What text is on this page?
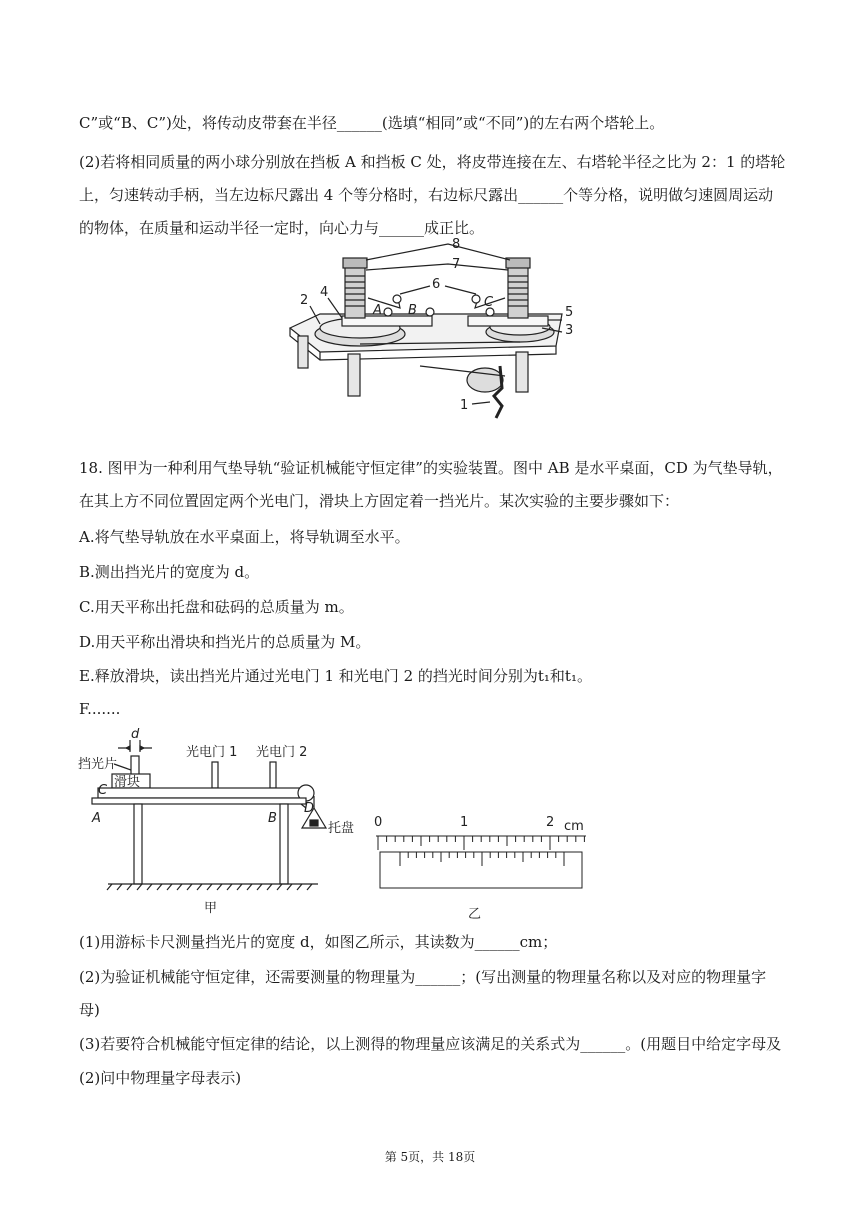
C”或“B、C”)处，将传动皮带套在半径______(选填“相同”或“不同”)的左右两个塔轮上。
(2)若将相同质量的两小球分别放在挡板 A 和挡板 C 处，将皮带连接在左、右塔轮半径之比为 2：1 的塔轮
上，匀速转动手柄，当左边标尺露出 4 个等分格时，右边标尺露出______个等分格，说明做匀速圆周运动
的物体，在质量和运动半径一定时，向心力与______成正比。
8
7
6
5
4
3
2
1
A B
C
18. 图甲为一种利用气垫导轨“验证机械能守恒定律”的实验装置。图中 AB 是水平桌面，CD 为气垫导轨，
在其上方不同位置固定两个光电门，滑块上方固定着一挡光片。某次实验的主要步骤如下：
A.将气垫导轨放在水平桌面上，将导轨调至水平。
B.测出挡光片的宽度为 d。
C.用天平称出托盘和砝码的总质量为 m。
D.用天平称出滑块和挡光片的总质量为 M。
E.释放滑块，读出挡光片通过光电门 1 和光电门 2 的挡光时间分别为t₁和t₁。
F.......
d
挡光片
滑块
光电门 1 光电门 2
托盘
C
D
A	B
甲
0	1	2 cm
乙
(1)用游标卡尺测量挡光片的宽度 d，如图乙所示，其读数为______cm；
(2)为验证机械能守恒定律，还需要测量的物理量为______；(写出测量的物理量名称以及对应的物理量字
母)
(3)若要符合机械能守恒定律的结论，以上测得的物理量应该满足的关系式为______。(用题目中给定字母及
(2)问中物理量字母表示)
第 5页，共 18页
